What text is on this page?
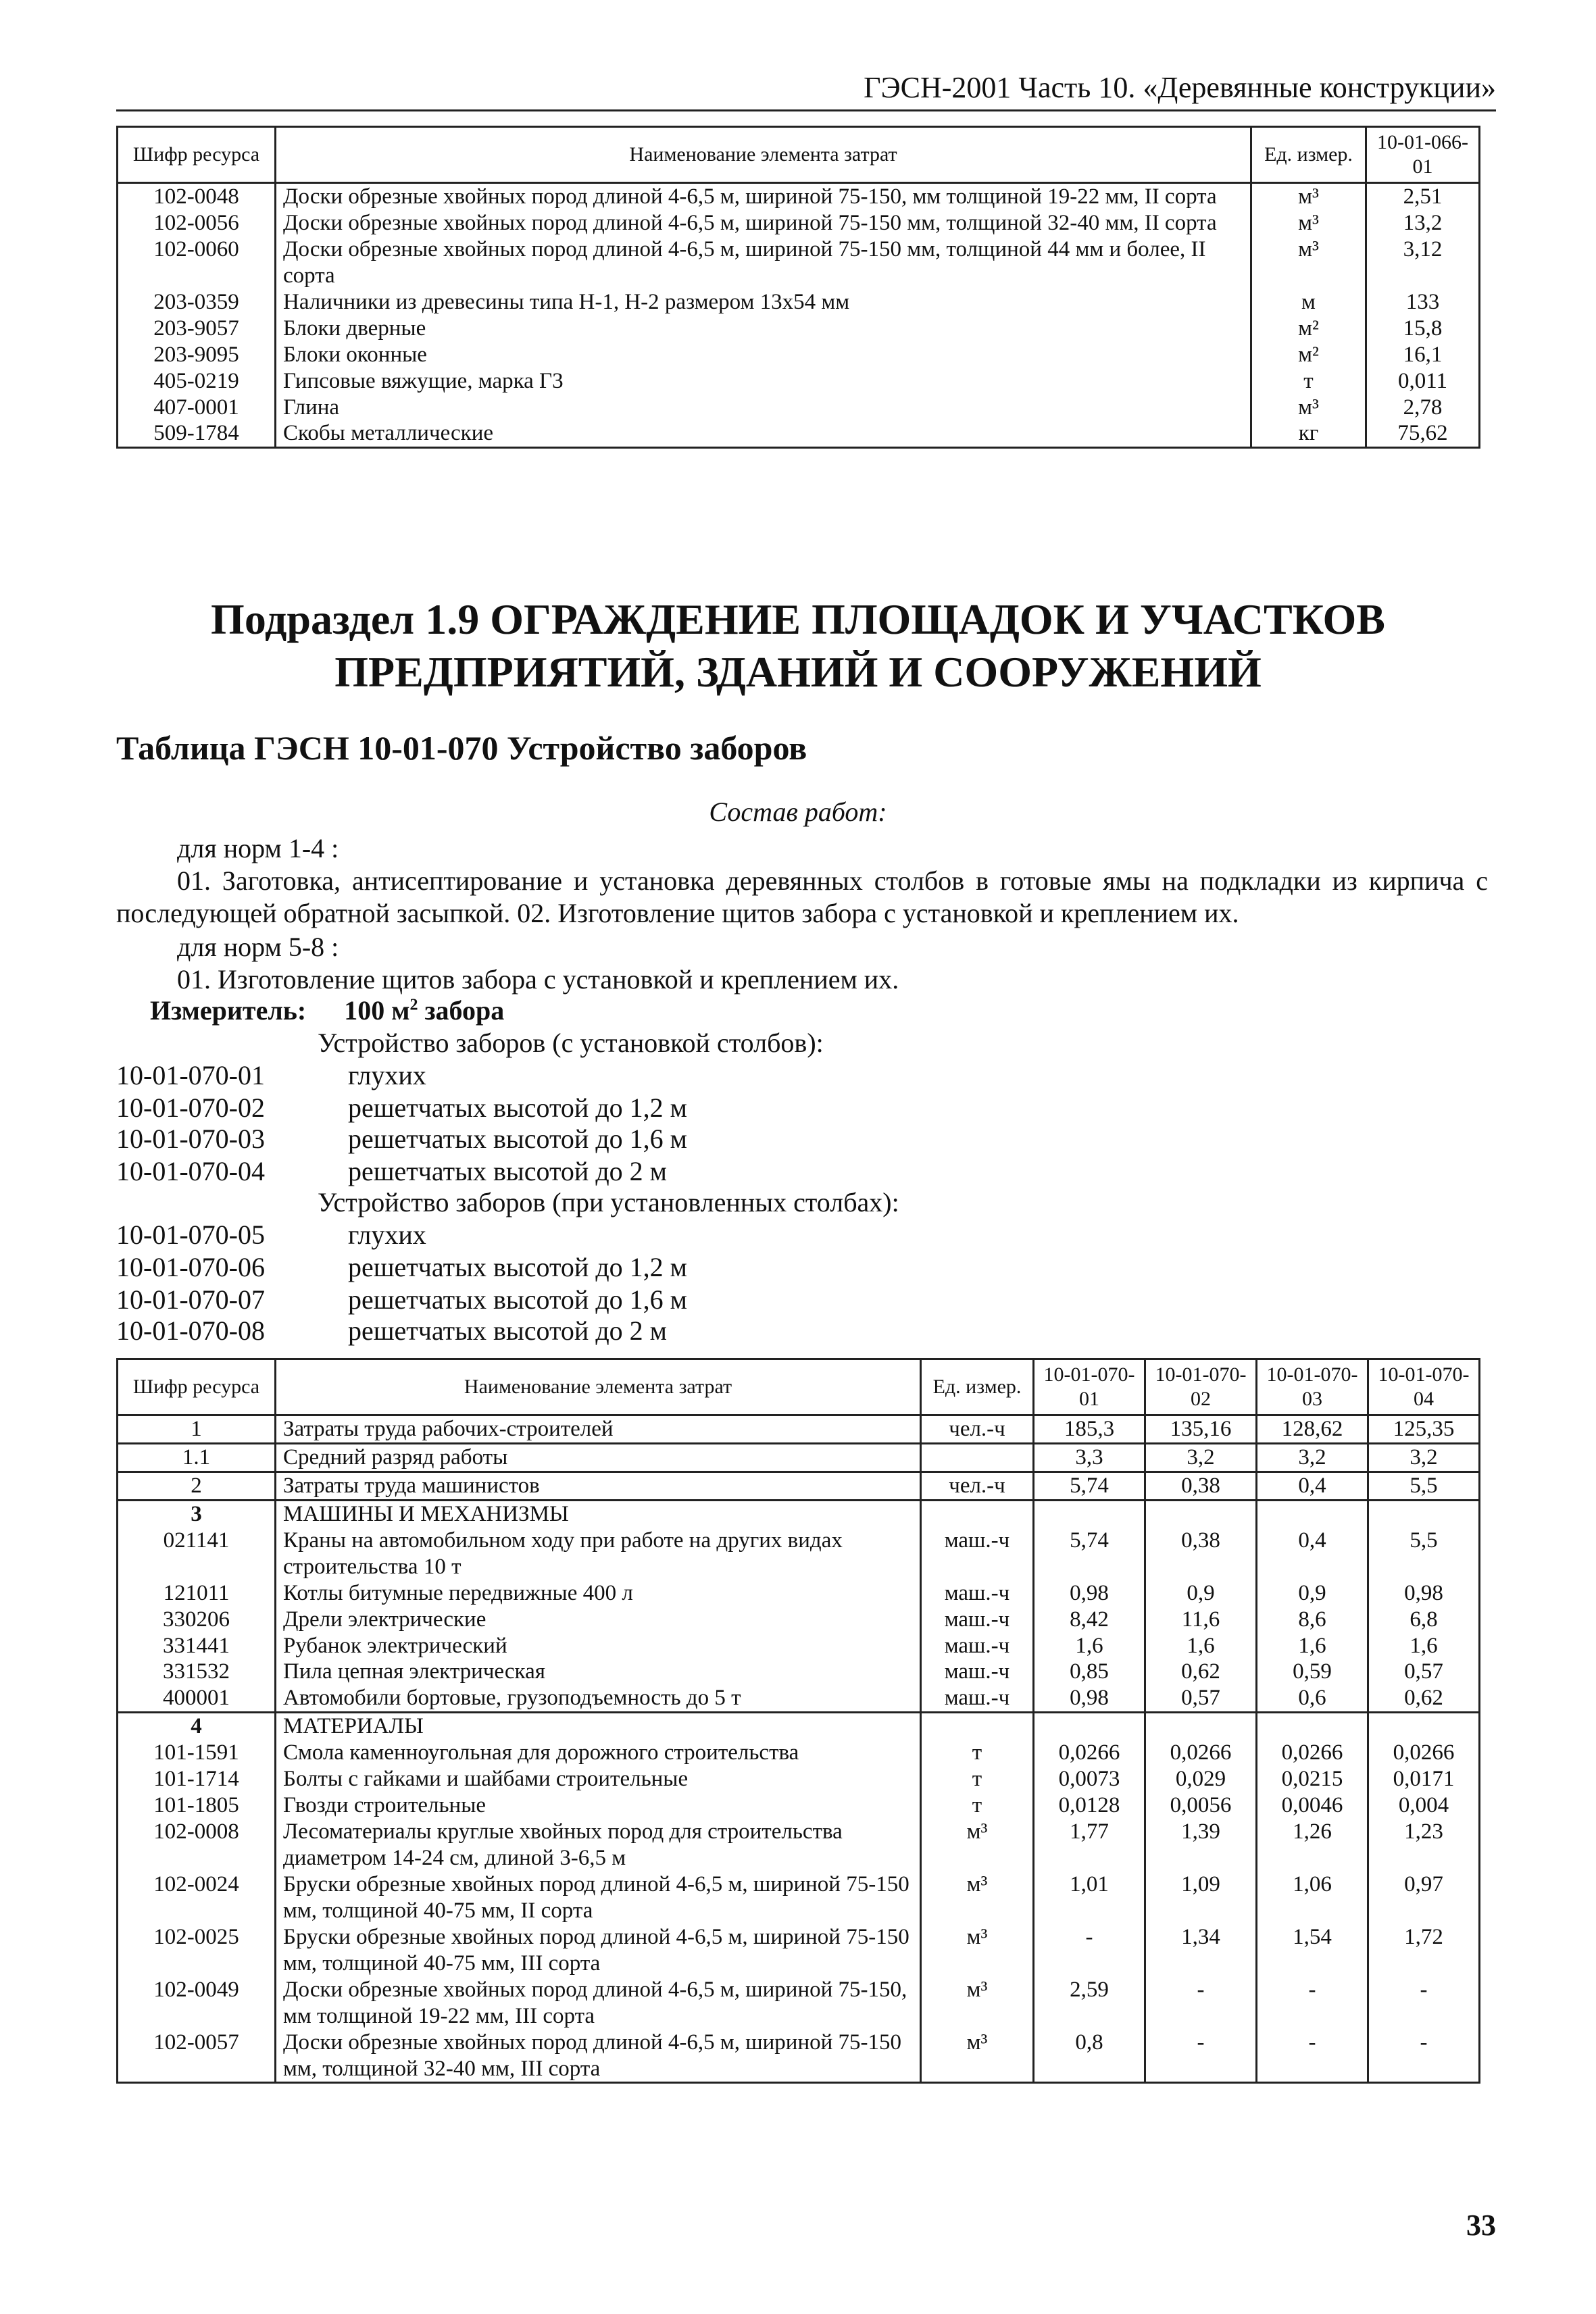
ГЭСН-2001 Часть 10. «Деревянные конструкции»
Шифр ресурса	Наименование элемента затрат	Ед. измер.	10-01-066-01
102-0048	Доски обрезные хвойных пород длиной 4-6,5 м, шириной 75-150, мм толщиной 19-22 мм, II сорта	м³	2,51
102-0056	Доски обрезные хвойных пород длиной 4-6,5 м, шириной 75-150 мм, толщиной 32-40 мм, II сорта	м³	13,2
102-0060	Доски обрезные хвойных пород длиной 4-6,5 м, шириной 75-150 мм, толщиной 44 мм и более, II сорта	м³	3,12
203-0359	Наличники из древесины типа Н-1, Н-2 размером 13х54 мм	м	133
203-9057	Блоки дверные	м²	15,8
203-9095	Блоки оконные	м²	16,1
405-0219	Гипсовые вяжущие, марка Г3	т	0,011
407-0001	Глина	м³	2,78
509-1784	Скобы металлические	кг	75,62
Подраздел 1.9 ОГРАЖДЕНИЕ ПЛОЩАДОК И УЧАСТКОВ
ПРЕДПРИЯТИЙ, ЗДАНИЙ И СООРУЖЕНИЙ
Таблица ГЭСН 10-01-070 Устройство заборов
Состав работ:
для норм 1-4 :
01. Заготовка, антисептирование и установка деревянных столбов в готовые ямы на подкладки из кирпича с последующей обратной засыпкой. 02. Изготовление щитов забора с установкой и креплением их.
для норм 5-8 :
01. Изготовление щитов забора с установкой и креплением их.
Измеритель: 100 $м^2$ забора
Устройство заборов (с установкой столбов):
10-01-070-01	глухих
10-01-070-02	решетчатых высотой до 1,2 м
10-01-070-03	решетчатых высотой до 1,6 м
10-01-070-04	решетчатых высотой до 2 м
Устройство заборов (при установленных столбах):
10-01-070-05	глухих
10-01-070-06	решетчатых высотой до 1,2 м
10-01-070-07	решетчатых высотой до 1,6 м
10-01-070-08	решетчатых высотой до 2 м
Шифр ресурса	Наименование элемента затрат	Ед. измер.	10-01-070-01	10-01-070-02	10-01-070-03	10-01-070-04
1	Затраты труда рабочих-строителей	чел.-ч	185,3	135,16	128,62	125,35
1.1	Средний разряд работы		3,3	3,2	3,2	3,2
2	Затраты труда машинистов	чел.-ч	5,74	0,38	0,4	5,5
3	МАШИНЫ И МЕХАНИЗМЫ					
021141	Краны на автомобильном ходу при работе на других видах строительства 10 т	маш.-ч	5,74	0,38	0,4	5,5
121011	Котлы битумные передвижные 400 л	маш.-ч	0,98	0,9	0,9	0,98
330206	Дрели электрические	маш.-ч	8,42	11,6	8,6	6,8
331441	Рубанок электрический	маш.-ч	1,6	1,6	1,6	1,6
331532	Пила цепная электрическая	маш.-ч	0,85	0,62	0,59	0,57
400001	Автомобили бортовые, грузоподъемность до 5 т	маш.-ч	0,98	0,57	0,6	0,62
4	МАТЕРИАЛЫ					
101-1591	Смола каменноугольная для дорожного строительства	т	0,0266	0,0266	0,0266	0,0266
101-1714	Болты с гайками и шайбами строительные	т	0,0073	0,029	0,0215	0,0171
101-1805	Гвозди строительные	т	0,0128	0,0056	0,0046	0,004
102-0008	Лесоматериалы круглые хвойных пород для строительства диаметром 14-24 см, длиной 3-6,5 м	м³	1,77	1,39	1,26	1,23
102-0024	Бруски обрезные хвойных пород длиной 4-6,5 м, шириной 75-150 мм, толщиной 40-75 мм, II сорта	м³	1,01	1,09	1,06	0,97
102-0025	Бруски обрезные хвойных пород длиной 4-6,5 м, шириной 75-150 мм, толщиной 40-75 мм, III сорта	м³	-	1,34	1,54	1,72
102-0049	Доски обрезные хвойных пород длиной 4-6,5 м, шириной 75-150, мм толщиной 19-22 мм, III сорта	м³	2,59	-	-	-
102-0057	Доски обрезные хвойных пород длиной 4-6,5 м, шириной 75-150 мм, толщиной 32-40 мм, III сорта	м³	0,8	-	-	-
33
